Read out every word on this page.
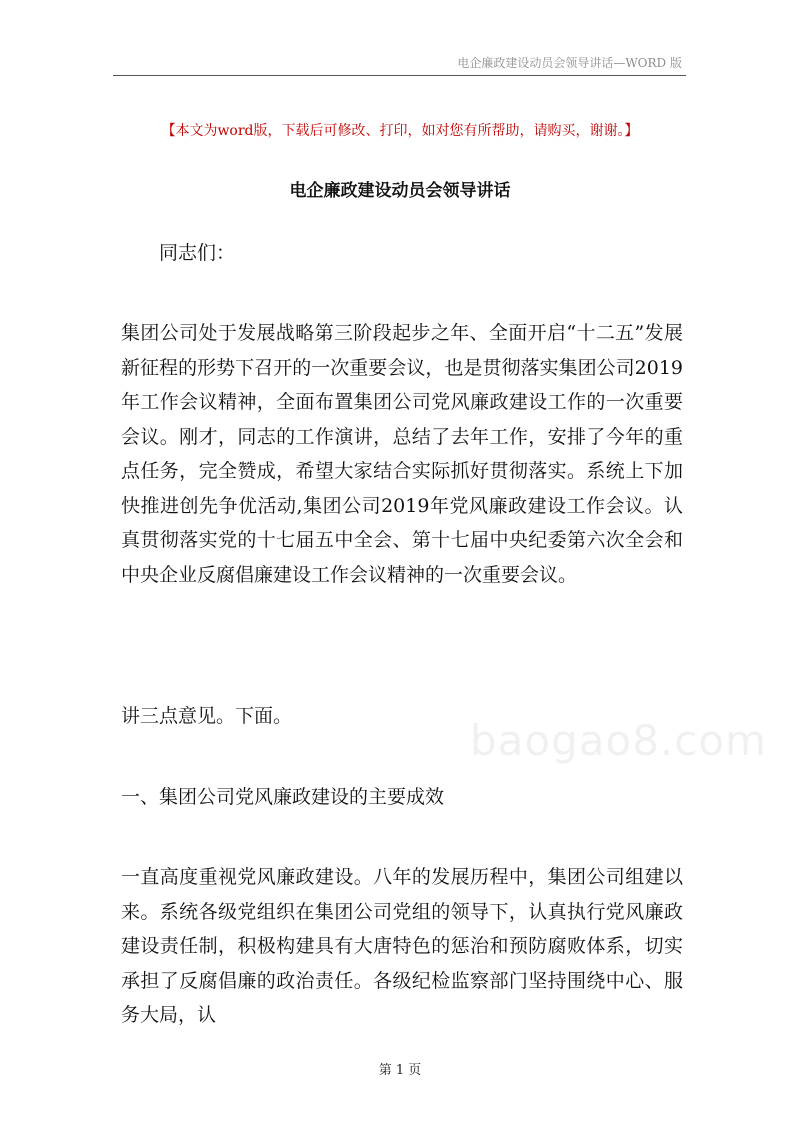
电企廉政建设动员会领导讲话—WORD 版
【本文为word版，下载后可修改、打印，如对您有所帮助，请购买，谢谢。】
电企廉政建设动员会领导讲话
同志们：
集团公司处于发展战略第三阶段起步之年、全面开启“十二五”发展新征程的形势下召开的一次重要会议，也是贯彻落实集团公司2019年工作会议精神，全面布置集团公司党风廉政建设工作的一次重要会议。刚才，同志的工作演讲，总结了去年工作，安排了今年的重点任务，完全赞成，希望大家结合实际抓好贯彻落实。系统上下加快推进创先争优活动,集团公司2019年党风廉政建设工作会议。认真贯彻落实党的十七届五中全会、第十七届中央纪委第六次全会和中央企业反腐倡廉建设工作会议精神的一次重要会议。
讲三点意见。下面。
一、集团公司党风廉政建设的主要成效
一直高度重视党风廉政建设。八年的发展历程中，集团公司组建以来。系统各级党组织在集团公司党组的领导下，认真执行党风廉政建设责任制，积极构建具有大唐特色的惩治和预防腐败体系，切实承担了反腐倡廉的政治责任。各级纪检监察部门坚持围绕中心、服务大局，认
baogao8.com
第 1 页
